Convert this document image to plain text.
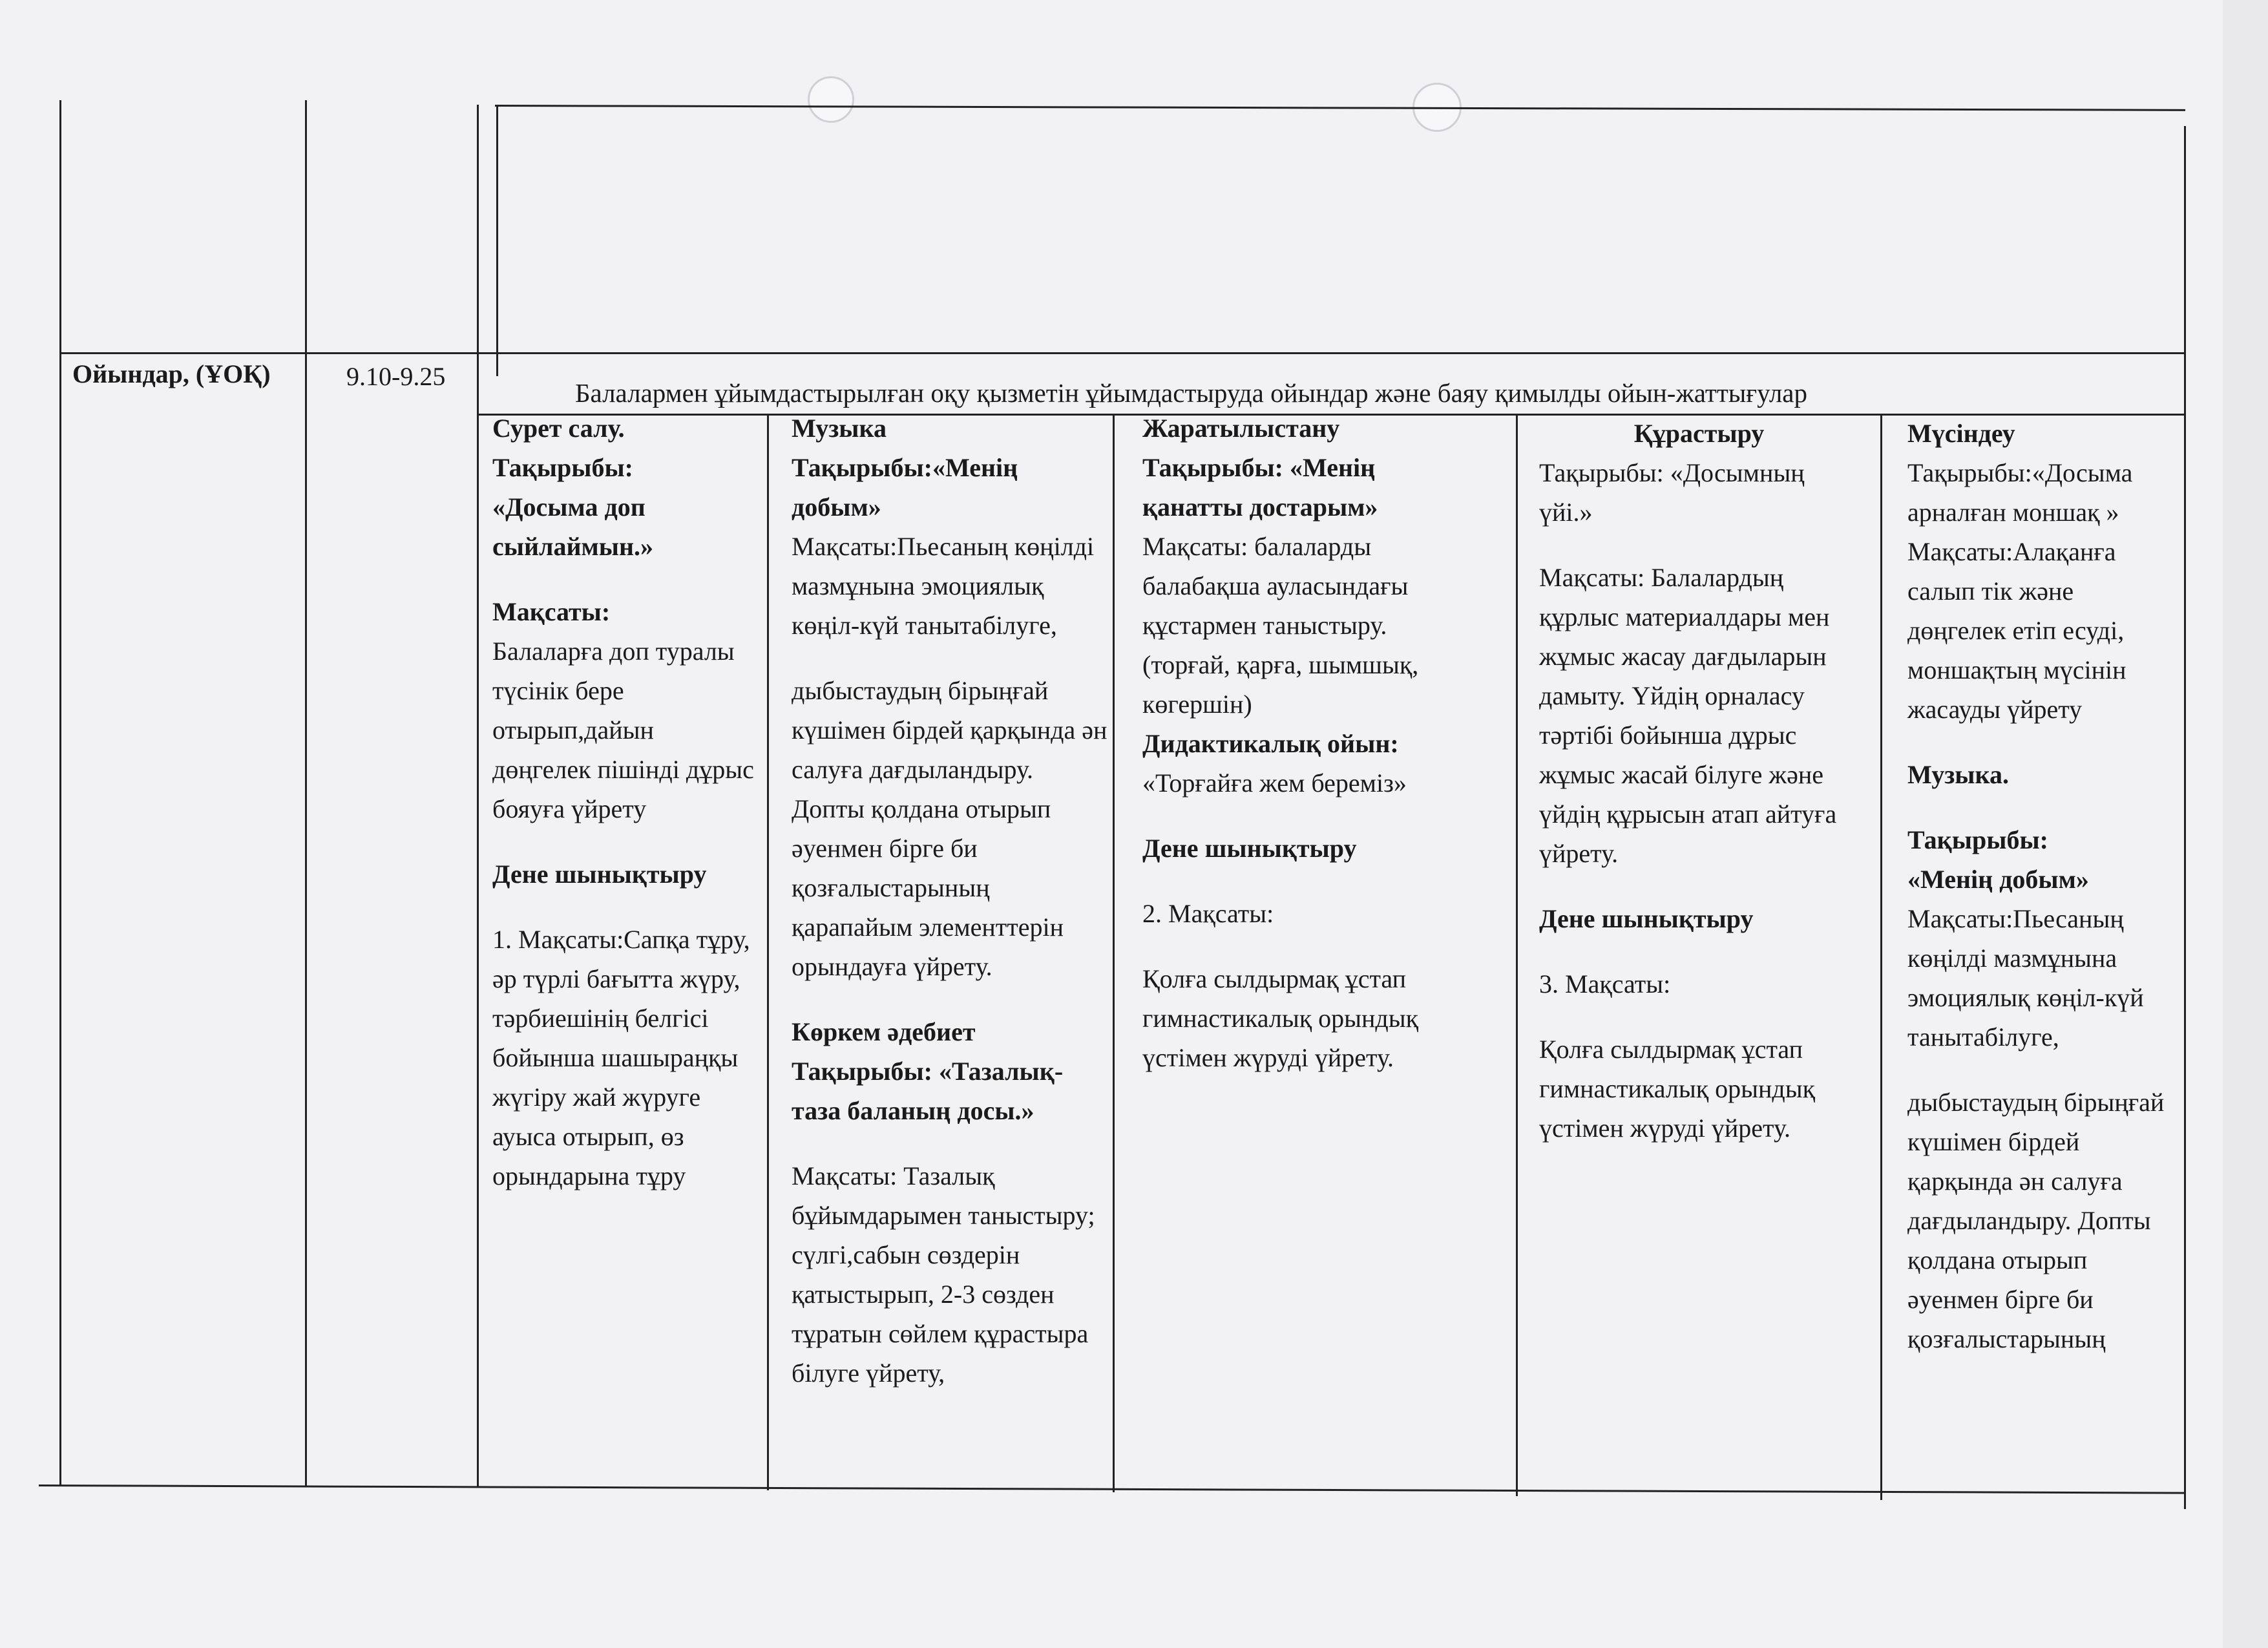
Ойындар, (ҰОҚ)	9.10-9.25
Балалармен ұйымдастырылған оқу қызметін ұйымдастыруда ойындар және баяу қимылды ойын-жаттығулар
Сурет салу.
Тақырыбы:
«Досыма доп сыйлаймын.»
Мақсаты:
Балаларға доп туралы түсінік бере отырып,дайын дөңгелек пішінді дұрыс бояуға үйрету
Дене шынықтыру
1. Мақсаты:Сапқа тұру, әр түрлі бағытта жүру, тәрбиешінің белгісі бойынша шашыраңқы жүгіру жай жүруге ауыса отырып, өз орындарына тұру
Музыка
Тақырыбы:«Менің добым»
Мақсаты:Пьесаның көңілді мазмұнына эмоциялық көңіл-күй танытабілуге,
дыбыстаудың бірыңғай күшімен бірдей қарқында ән салуға дағдыландыру. Допты қолдана отырып әуенмен бірге би қозғалыстарының қарапайым элементтерін орындауға үйрету.
Көркем әдебиет
Тақырыбы: «Тазалық-таза баланың досы.»
Мақсаты: Тазалық бұйымдарымен таныстыру; сүлгі,сабын сөздерін қатыстырып, 2-3 сөзден тұратын сөйлем құрастыра білуге үйрету,
Жаратылыстану
Тақырыбы: «Менің қанатты достарым»
Мақсаты: балаларды балабақша ауласындағы құстармен таныстыру. (торғай, қарға, шымшық, көгершін)
Дидактикалық ойын:
«Торғайға жем береміз»
Дене шынықтыру
2. Мақсаты:
Қолға сылдырмақ ұстап гимнастикалық орындық үстімен жүруді үйрету.
Құрастыру
Тақырыбы: «Досымның үйі.»
Мақсаты: Балалардың құрлыс материалдары мен жұмыс жасау дағдыларын дамыту. Үйдің орналасу тәртібі бойынша дұрыс жұмыс жасай білуге және үйдің құрысын атап айтуға үйрету.
Дене шынықтыру
3. Мақсаты:
Қолға сылдырмақ ұстап гимнастикалық орындық үстімен жүруді үйрету.
Мүсіндеу
Тақырыбы:«Досыма арналған моншақ »
Мақсаты:Алақанға салып тік және дөңгелек етіп есуді, моншақтың мүсінін жасауды үйрету
Музыка.
Тақырыбы:
«Менің добым»
Мақсаты:Пьесаның көңілді мазмұнына эмоциялық көңіл-күй танытабілуге,
дыбыстаудың бірыңғай күшімен бірдей қарқында ән салуға дағдыландыру. Допты қолдана отырып әуенмен бірге би қозғалыстарының
